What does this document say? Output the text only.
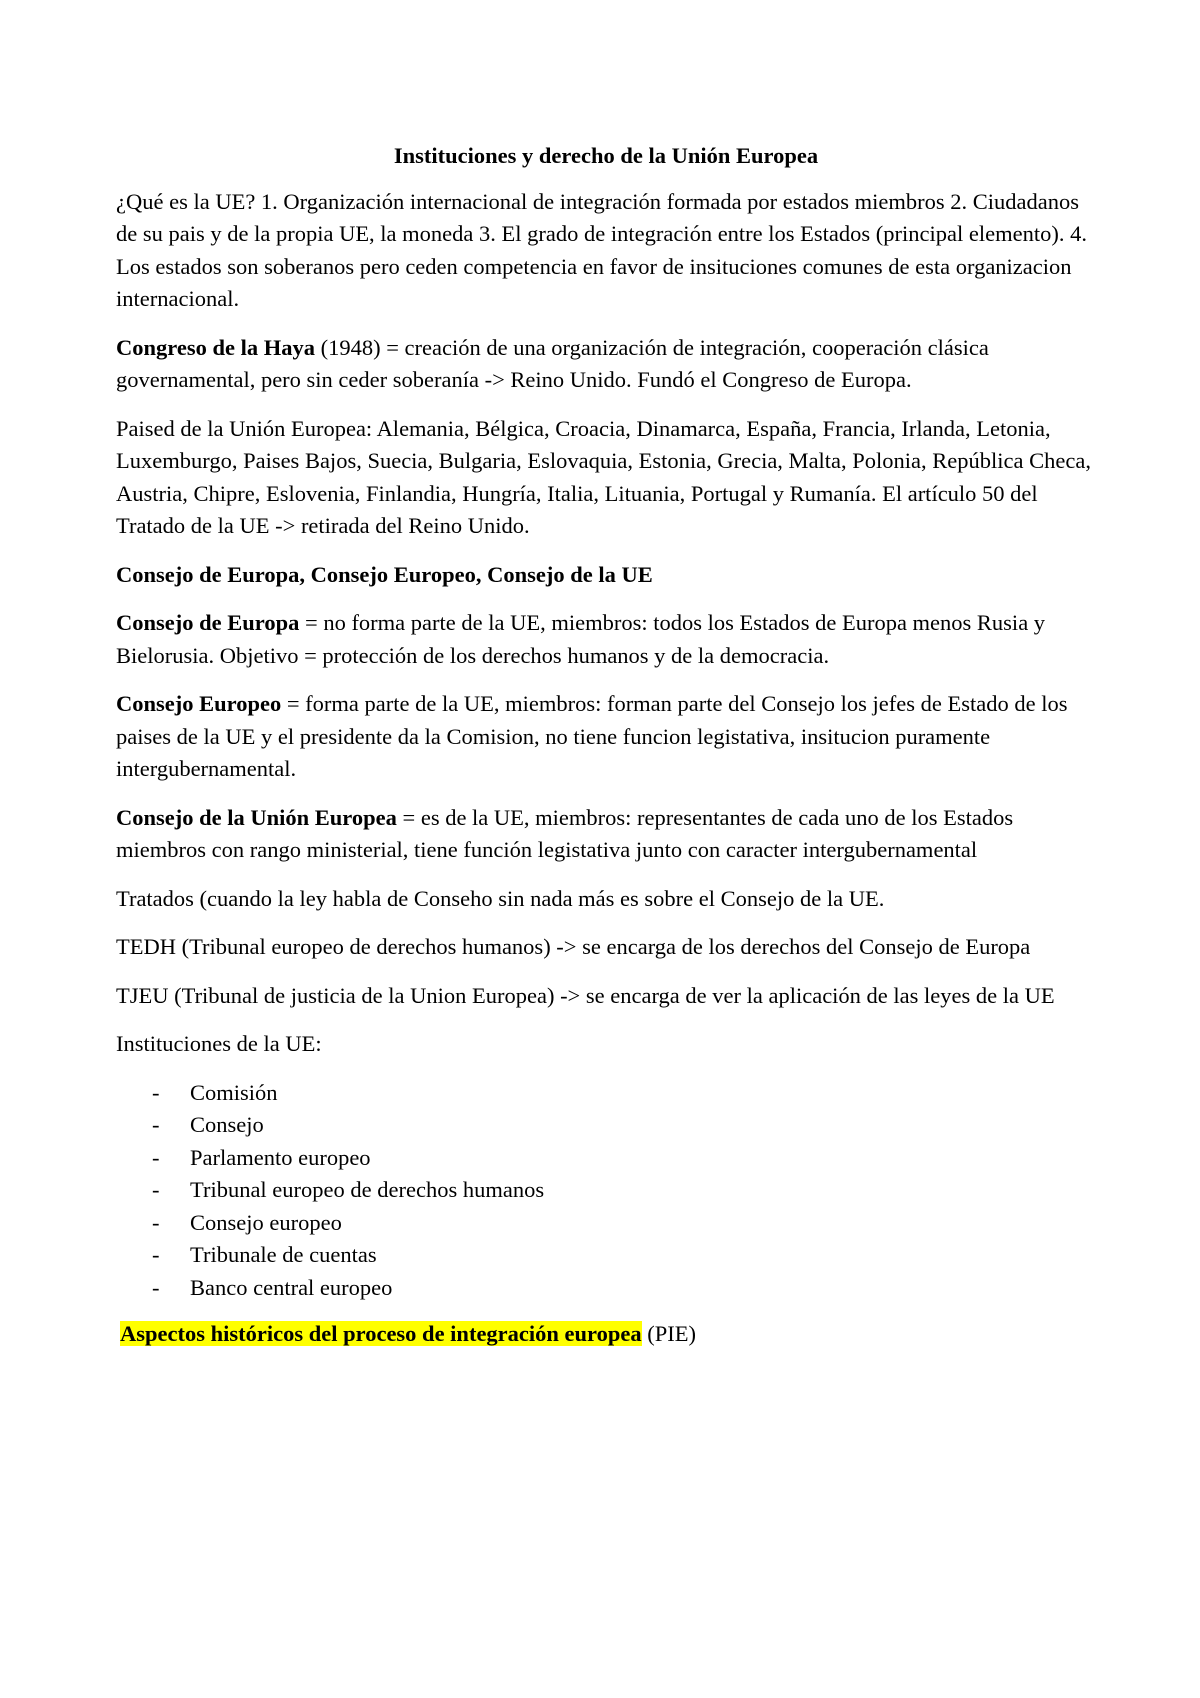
Instituciones y derecho de la Unión Europea

¿Qué es la UE? 1. Organización internacional de integración formada por estados miembros 2. Ciudadanos de su pais y de la propia UE, la moneda 3. El grado de integración entre los Estados (principal elemento). 4. Los estados son soberanos pero ceden competencia en favor de insituciones comunes de esta organizacion internacional.

Congreso de la Haya (1948) = creación de una organización de integración, cooperación clásica governamental, pero sin ceder soberanía -> Reino Unido. Fundó el Congreso de Europa.

Paised de la Unión Europea: Alemania, Bélgica, Croacia, Dinamarca, España, Francia, Irlanda, Letonia, Luxemburgo, Paises Bajos, Suecia, Bulgaria, Eslovaquia, Estonia, Grecia, Malta, Polonia, República Checa, Austria, Chipre, Eslovenia, Finlandia, Hungría, Italia, Lituania, Portugal y Rumanía. El artículo 50 del Tratado de la UE -> retirada del Reino Unido.

Consejo de Europa, Consejo Europeo, Consejo de la UE

Consejo de Europa = no forma parte de la UE, miembros: todos los Estados de Europa menos Rusia y Bielorusia. Objetivo = protección de los derechos humanos y de la democracia.

Consejo Europeo = forma parte de la UE, miembros: forman parte del Consejo los jefes de Estado de los paises de la UE y el presidente da la Comision, no tiene funcion legistativa, insitucion puramente intergubernamental.

Consejo de la Unión Europea = es de la UE, miembros: representantes de cada uno de los Estados miembros con rango ministerial, tiene función legistativa junto con caracter intergubernamental

Tratados (cuando la ley habla de Conseho sin nada más es sobre el Consejo de la UE.

TEDH (Tribunal europeo de derechos humanos) -> se encarga de los derechos del Consejo de Europa

TJEU (Tribunal de justicia de la Union Europea) -> se encarga de ver la aplicación de las leyes de la UE

Instituciones de la UE:

- Comisión
- Consejo
- Parlamento europeo
- Tribunal europeo de derechos humanos
- Consejo europeo
- Tribunale de cuentas
- Banco central europeo

Aspectos históricos del proceso de integración europea (PIE)
